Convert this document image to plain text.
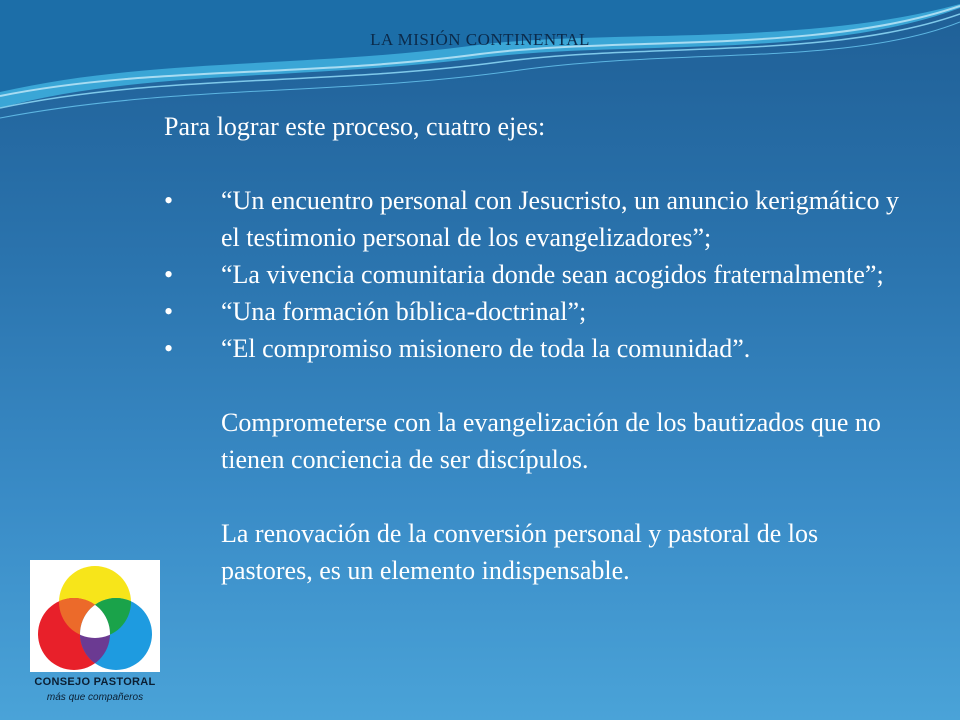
LA MISIÓN CONTINENTAL

Para lograr este proceso, cuatro ejes:

•	“Un encuentro personal con Jesucristo, un anuncio kerigmático y el testimonio personal de los evangelizadores”;
•	“La vivencia comunitaria donde sean acogidos fraternalmente”;
•	“Una formación bíblica-doctrinal”;
•	“El compromiso misionero de toda la comunidad”.

Comprometerse con la evangelización de los bautizados que no tienen conciencia de ser discípulos.

La renovación de la conversión personal y pastoral de los pastores, es un elemento indispensable.

CONSEJO PASTORAL
más que compañeros
